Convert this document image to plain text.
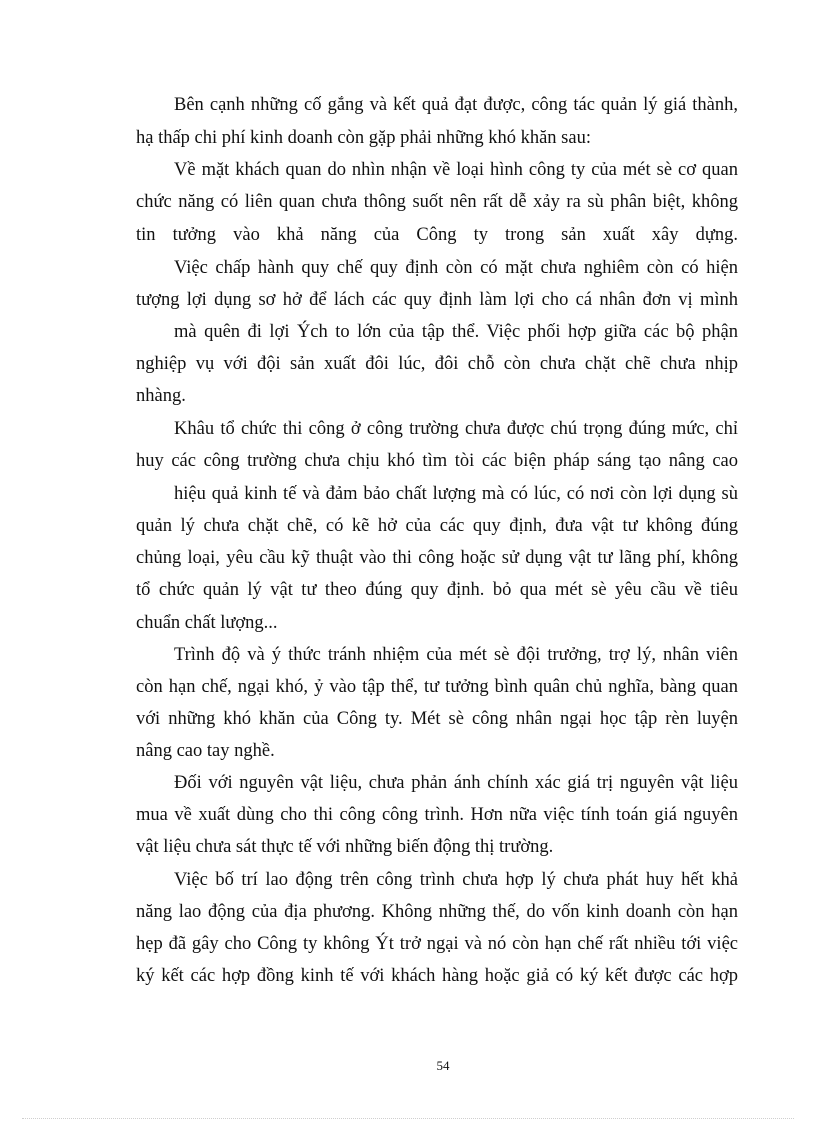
Bên cạnh những cố gắng và kết quả đạt được, công tác quản lý giá thành,
hạ thấp chi phí kinh doanh còn gặp phải những khó khăn sau:
Về mặt khách quan do nhìn nhận về loại hình công ty của mét sè cơ quan
chức năng có liên quan chưa thông suốt nên rất dễ xảy ra sù phân biệt, không
tin tưởng vào khả năng của Công ty trong sản xuất xây dựng.
Việc chấp hành quy chế quy định còn có mặt chưa nghiêm còn có hiện
tượng lợi dụng sơ hở để lách các quy định làm lợi cho cá nhân đơn vị mình
mà quên đi lợi Ých to lớn của tập thể. Việc phối hợp giữa các bộ phận
nghiệp vụ với đội sản xuất đôi lúc, đôi chỗ còn chưa chặt chẽ chưa nhịp
nhàng.
Khâu tổ chức thi công ở công trường chưa được chú trọng đúng mức, chỉ
huy các công trường chưa chịu khó tìm tòi các biện pháp sáng tạo nâng cao
hiệu quả kinh tế và đảm bảo chất lượng mà có lúc, có nơi còn lợi dụng sù
quản lý chưa chặt chẽ, có kẽ hở của các quy định, đưa vật tư không đúng
chủng loại, yêu cầu kỹ thuật vào thi công hoặc sử dụng vật tư lãng phí, không
tổ chức quản lý vật tư theo đúng quy định. bỏ qua mét sè yêu cầu về tiêu
chuẩn chất lượng...
Trình độ và ý thức tránh nhiệm của mét sè đội trưởng, trợ lý, nhân viên
còn hạn chế, ngại khó, ỷ vào tập thể, tư tưởng bình quân chủ nghĩa, bàng quan
với những khó khăn của Công ty. Mét sè công nhân ngại học tập rèn luyện
nâng cao tay nghề.
Đối với nguyên vật liệu, chưa phản ánh chính xác giá trị nguyên vật liệu
mua về xuất dùng cho thi công công trình. Hơn nữa việc tính toán giá nguyên
vật liệu chưa sát thực tế với những biến động thị trường.
Việc bố trí lao động trên công trình chưa hợp lý chưa phát huy hết khả
năng lao động của địa phương. Không những thế, do vốn kinh doanh còn hạn
hẹp đã gây cho Công ty không Ýt trở ngại và nó còn hạn chế rất nhiều tới việc
ký kết các hợp đồng kinh tế với khách hàng hoặc giả có ký kết được các hợp
54
